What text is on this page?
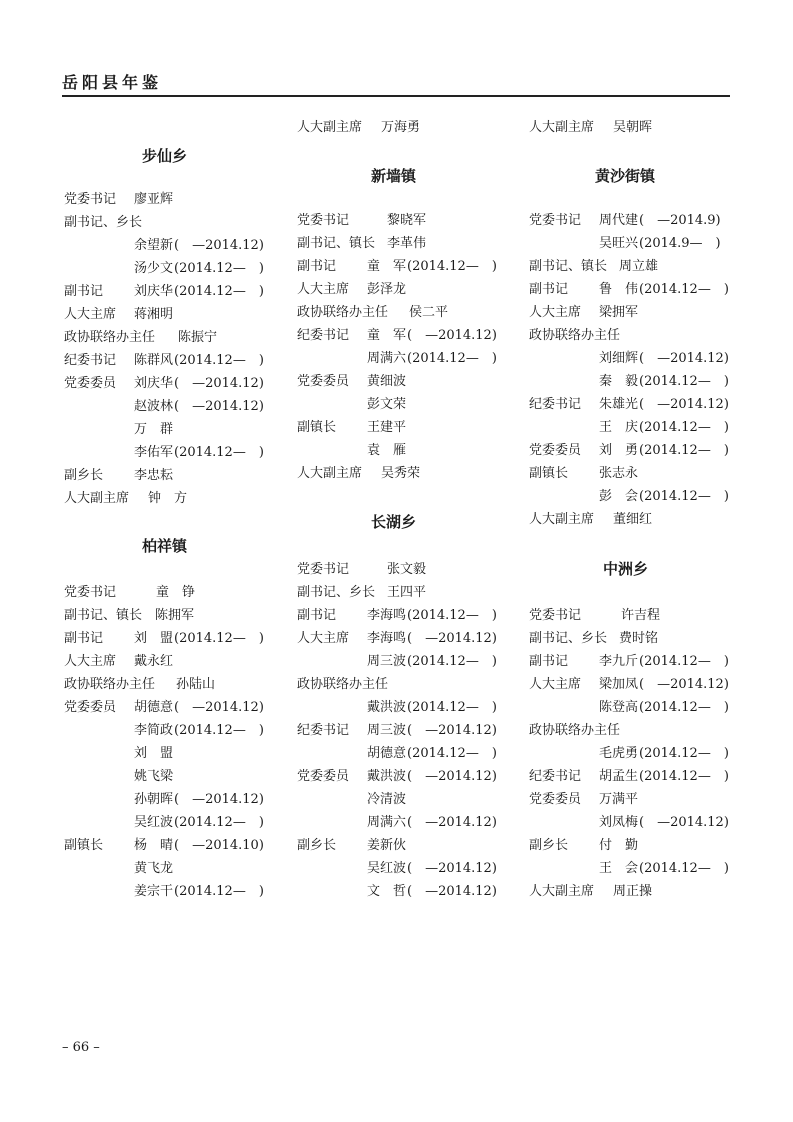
岳阳县年鉴
步仙乡
党委书记 廖亚辉
副书记、乡长
余望新 (　—2014.12)
汤少文 (2014.12—　)
副书记 刘庆华 (2014.12—　)
人大主席 蒋湘明
政协联络办主任 陈振宁
纪委书记 陈群风 (2014.12—　)
党委委员 刘庆华 (　—2014.12)
赵波林 (　—2014.12)
万　群
李佑军 (2014.12—　)
副乡长 李忠耘
人大副主席 钟　方
柏祥镇
党委书记	童　铮
副书记、镇长 陈拥军
副书记 刘　盟 (2014.12—　)
人大主席 戴永红
政协联络办主任 孙陆山
党委委员 胡德意 (　—2014.12)
李简政 (2014.12—　)
刘　盟
姚飞梁
孙朝晖 (　—2014.12)
吴红波 (2014.12—　)
副镇长 杨　晴 (　—2014.10)
黄飞龙
姜宗干 (2014.12—　)
人大副主席 万海勇
新墙镇
党委书记	黎晓军
副书记、镇长 李革伟
副书记 童　军 (2014.12—　)
人大主席 彭泽龙
政协联络办主任 侯二平
纪委书记 童　军 (　—2014.12)
周满六 (2014.12—　)
党委委员 黄细波
彭文荣
副镇长 王建平
袁　雁
人大副主席 吴秀荣
长湖乡
党委书记	张文毅
副书记、乡长 王四平
副书记 李海鸣 (2014.12—　)
人大主席 李海鸣 (　—2014.12)
周三波 (2014.12—　)
政协联络办主任
戴洪波 (2014.12—　)
纪委书记 周三波 (　—2014.12)
胡德意 (2014.12—　)
党委委员 戴洪波 (　—2014.12)
冷清波
周满六 (　—2014.12)
副乡长 姜新伙
吴红波 (　—2014.12)
文　哲 (　—2014.12)
人大副主席 吴朝晖
黄沙街镇
党委书记 周代建 (　—2014.9)
吴旺兴 (2014.9—　)
副书记、镇长 周立雄
副书记 鲁　伟 (2014.12—　)
人大主席 梁拥军
政协联络办主任
刘细辉 (　—2014.12)
秦　毅 (2014.12—　)
纪委书记 朱雄光 (　—2014.12)
王　庆 (2014.12—　)
党委委员 刘　勇 (2014.12—　)
副镇长 张志永
彭　会 (2014.12—　)
人大副主席 董细红
中洲乡
党委书记	许吉程
副书记、乡长 费时铭
副书记 李九斤 (2014.12—　)
人大主席 梁加凤 (　—2014.12)
陈登高 (2014.12—　)
政协联络办主任
毛虎勇 (2014.12—　)
纪委书记 胡孟生 (2014.12—　)
党委委员 万满平
刘凤梅 (　—2014.12)
副乡长 付　勤
王　会 (2014.12—　)
人大副主席 周正操
– 66 –
